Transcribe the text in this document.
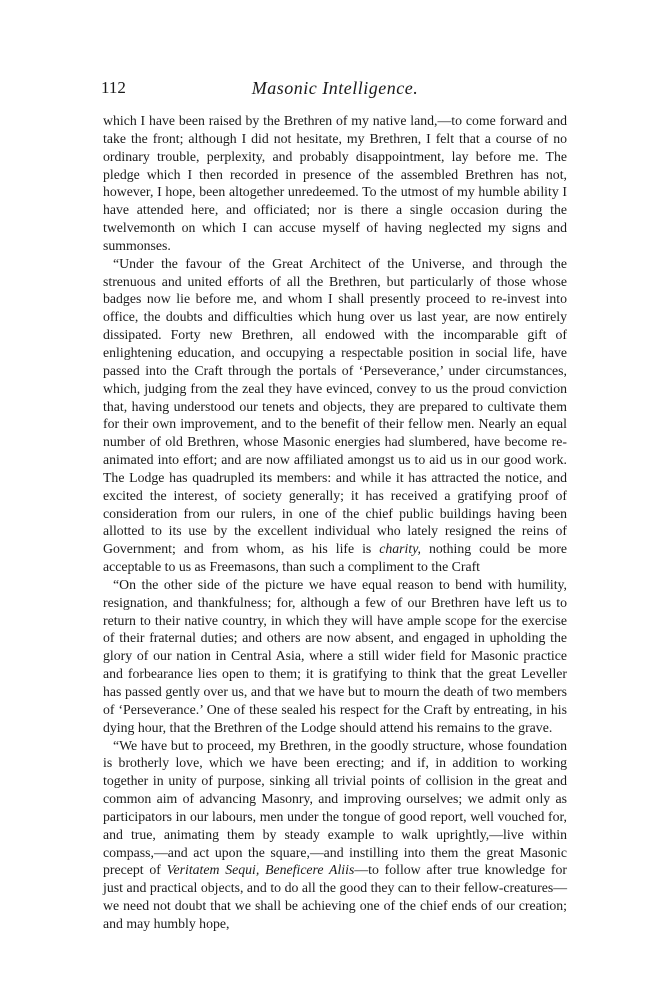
112	Masonic Intelligence.

which I have been raised by the Brethren of my native land,—to come forward and take the front; although I did not hesitate, my Brethren, I felt that a course of no ordinary trouble, perplexity, and probably disappointment, lay before me. The pledge which I then recorded in presence of the assembled Brethren has not, however, I hope, been altogether unredeemed. To the utmost of my humble ability I have attended here, and officiated; nor is there a single occasion during the twelvemonth on which I can accuse myself of having neglected my signs and summonses.

“Under the favour of the Great Architect of the Universe, and through the strenuous and united efforts of all the Brethren, but particularly of those whose badges now lie before me, and whom I shall presently proceed to re-invest into office, the doubts and difficulties which hung over us last year, are now entirely dissipated. Forty new Brethren, all endowed with the incomparable gift of enlightening education, and occupying a respectable position in social life, have passed into the Craft through the portals of ‘Perseverance,’ under circumstances, which, judging from the zeal they have evinced, convey to us the proud conviction that, having understood our tenets and objects, they are prepared to cultivate them for their own improvement, and to the benefit of their fellow men. Nearly an equal number of old Brethren, whose Masonic energies had slumbered, have become re-animated into effort; and are now affiliated amongst us to aid us in our good work. The Lodge has quadrupled its members: and while it has attracted the notice, and excited the interest, of society generally; it has received a gratifying proof of consideration from our rulers, in one of the chief public buildings having been allotted to its use by the excellent individual who lately resigned the reins of Government; and from whom, as his life is charity, nothing could be more acceptable to us as Freemasons, than such a compliment to the Craft

“On the other side of the picture we have equal reason to bend with humility, resignation, and thankfulness; for, although a few of our Brethren have left us to return to their native country, in which they will have ample scope for the exercise of their fraternal duties; and others are now absent, and engaged in upholding the glory of our nation in Central Asia, where a still wider field for Masonic practice and forbearance lies open to them; it is gratifying to think that the great Leveller has passed gently over us, and that we have but to mourn the death of two members of ‘Perseverance.’ One of these sealed his respect for the Craft by entreating, in his dying hour, that the Brethren of the Lodge should attend his remains to the grave.

“We have but to proceed, my Brethren, in the goodly structure, whose foundation is brotherly love, which we have been erecting; and if, in addition to working together in unity of purpose, sinking all trivial points of collision in the great and common aim of advancing Masonry, and improving ourselves; we admit only as participators in our labours, men under the tongue of good report, well vouched for, and true, animating them by steady example to walk uprightly,—live within compass,—and act upon the square,—and instilling into them the great Masonic precept of Veritatem Sequi, Beneficere Aliis—to follow after true knowledge for just and practical objects, and to do all the good they can to their fellow-creatures—we need not doubt that we shall be achieving one of the chief ends of our creation; and may humbly hope,
